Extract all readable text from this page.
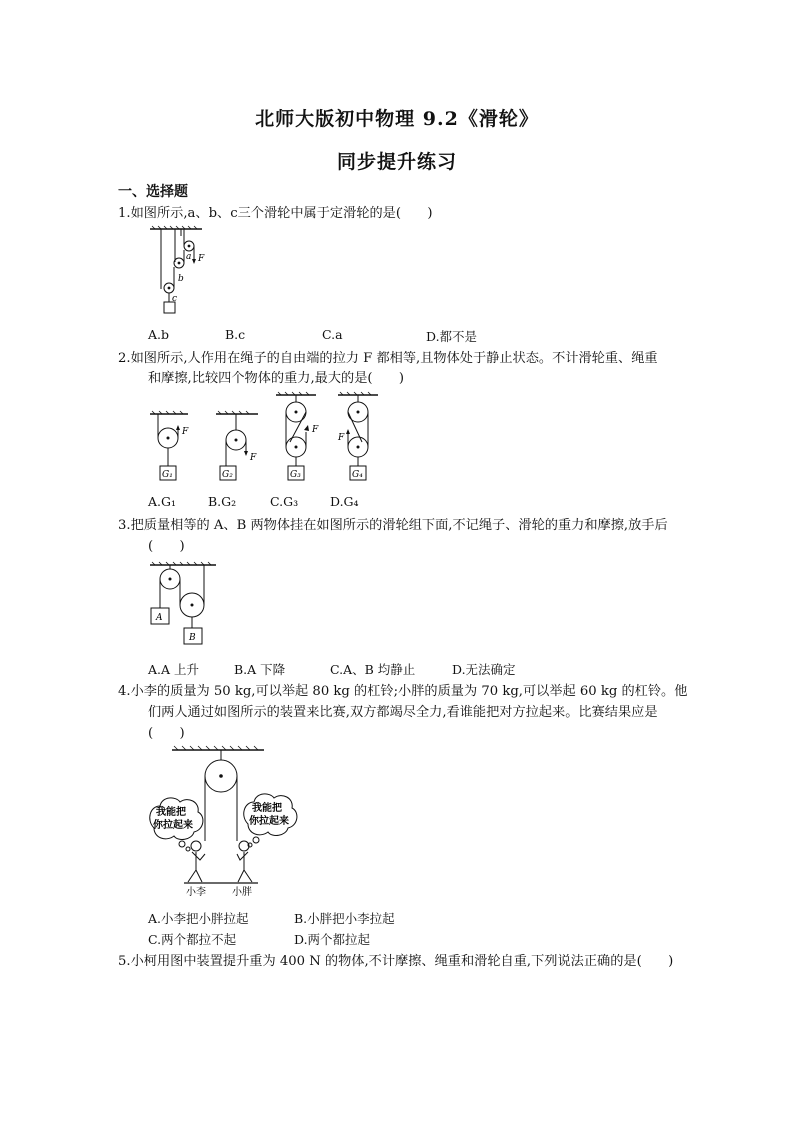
北师大版初中物理 9.2《滑轮》
同步提升练习
一、选择题
1.如图所示,a、b、c三个滑轮中属于定滑轮的是(　　)
a F
b
c
A.b	B.c	C.a	D.都不是
2.如图所示,人作用在绳子的自由端的拉力 F 都相等,且物体处于静止状态。不计滑轮重、绳重
和摩擦,比较四个物体的重力,最大的是(　　)
F
F
F
F
G₁	G₂	G₃	G₄
A.G₁	B.G₂	C.G₃	D.G₄
3.把质量相等的 A、B 两物体挂在如图所示的滑轮组下面,不记绳子、滑轮的重力和摩擦,放手后
(　　)
A
B
A.A 上升	B.A 下降	C.A、B 均静止	D.无法确定
4.小李的质量为 50 kg,可以举起 80 kg 的杠铃;小胖的质量为 70 kg,可以举起 60 kg 的杠铃。他
们两人通过如图所示的装置来比赛,双方都竭尽全力,看谁能把对方拉起来。比赛结果应是
(　　)
我能把
你拉起来
我能把
你拉起来
小李	小胖
A.小李把小胖拉起	B.小胖把小李拉起
C.两个都拉不起	D.两个都拉起
5.小柯用图中装置提升重为 400 N 的物体,不计摩擦、绳重和滑轮自重,下列说法正确的是(　　)
